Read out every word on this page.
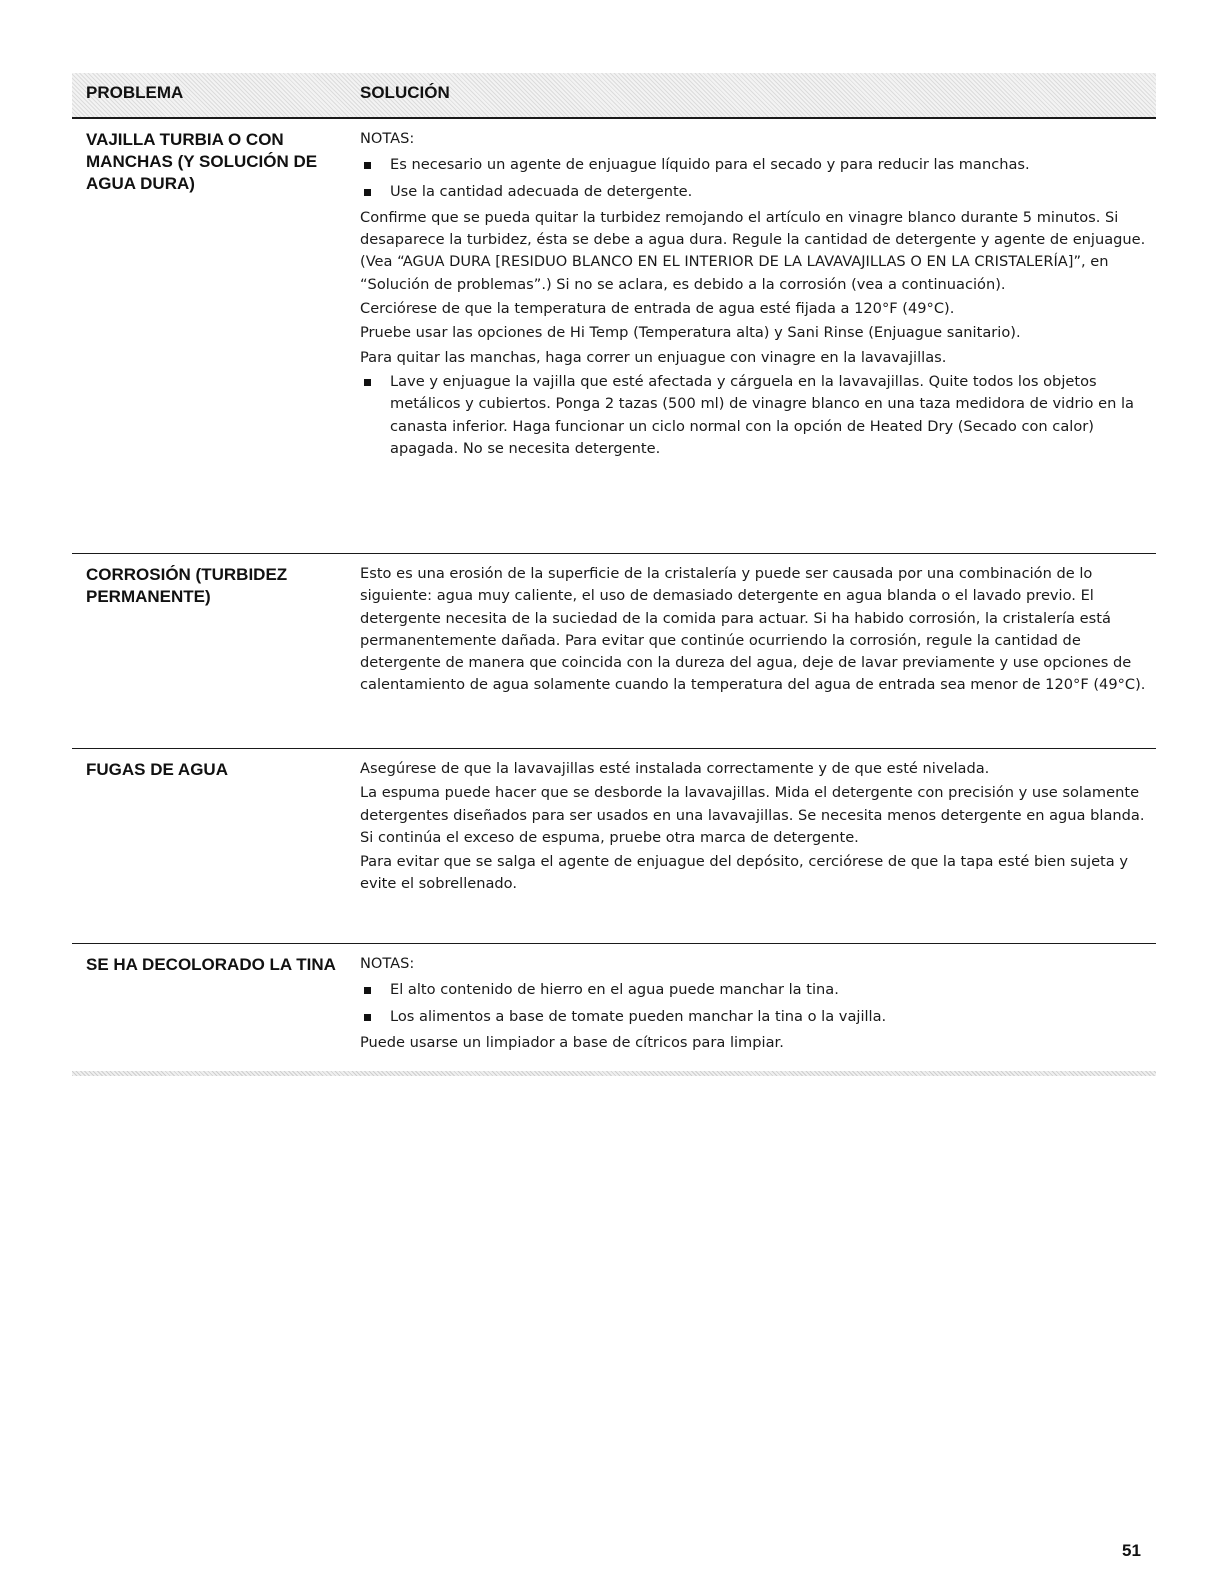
PROBLEMA	SOLUCIÓN
VAJILLA TURBIA O CON MANCHAS (Y SOLUCIÓN DE AGUA DURA)

NOTAS:

Es necesario un agente de enjuague líquido para el secado y para reducir las manchas.
Use la cantidad adecuada de detergente.

Confirme que se pueda quitar la turbidez remojando el artículo en vinagre blanco durante 5 minutos. Si desaparece la turbidez, ésta se debe a agua dura. Regule la cantidad de detergente y agente de enjuague. (Vea “AGUA DURA [RESIDUO BLANCO EN EL INTERIOR DE LA LAVAVAJILLAS O EN LA CRISTALERÍA]”, en “Solución de problemas”.) Si no se aclara, es debido a la corrosión (vea a continuación).

Cerciórese de que la temperatura de entrada de agua esté fijada a 120°F (49°C).

Pruebe usar las opciones de Hi Temp (Temperatura alta) y Sani Rinse (Enjuague sanitario).

Para quitar las manchas, haga correr un enjuague con vinagre en la lavavajillas.

Lave y enjuague la vajilla que esté afectada y cárguela en la lavavajillas. Quite todos los objetos metálicos y cubiertos. Ponga 2 tazas (500 ml) de vinagre blanco en una taza medidora de vidrio en la canasta inferior. Haga funcionar un ciclo normal con la opción de Heated Dry (Secado con calor) apagada. No se necesita detergente.
CORROSIÓN (TURBIDEZ PERMANENTE)

Esto es una erosión de la superficie de la cristalería y puede ser causada por una combinación de lo siguiente: agua muy caliente, el uso de demasiado detergente en agua blanda o el lavado previo. El detergente necesita de la suciedad de la comida para actuar. Si ha habido corrosión, la cristalería está permanentemente dañada. Para evitar que continúe ocurriendo la corrosión, regule la cantidad de detergente de manera que coincida con la dureza del agua, deje de lavar previamente y use opciones de calentamiento de agua solamente cuando la temperatura del agua de entrada sea menor de 120°F (49°C).

FUGAS DE AGUA	Asegúrese de que la lavavajillas esté instalada correctamente y de que esté nivelada.

La espuma puede hacer que se desborde la lavavajillas. Mida el detergente con precisión y use solamente detergentes diseñados para ser usados en una lavavajillas. Se necesita menos detergente en agua blanda. Si continúa el exceso de espuma, pruebe otra marca de detergente.

Para evitar que se salga el agente de enjuague del depósito, cerciórese de que la tapa esté bien sujeta y evite el sobrellenado.

SE HA DECOLORADO LA TINA NOTAS:

El alto contenido de hierro en el agua puede manchar la tina.
Los alimentos a base de tomate pueden manchar la tina o la vajilla.

Puede usarse un limpiador a base de cítricos para limpiar.

51
